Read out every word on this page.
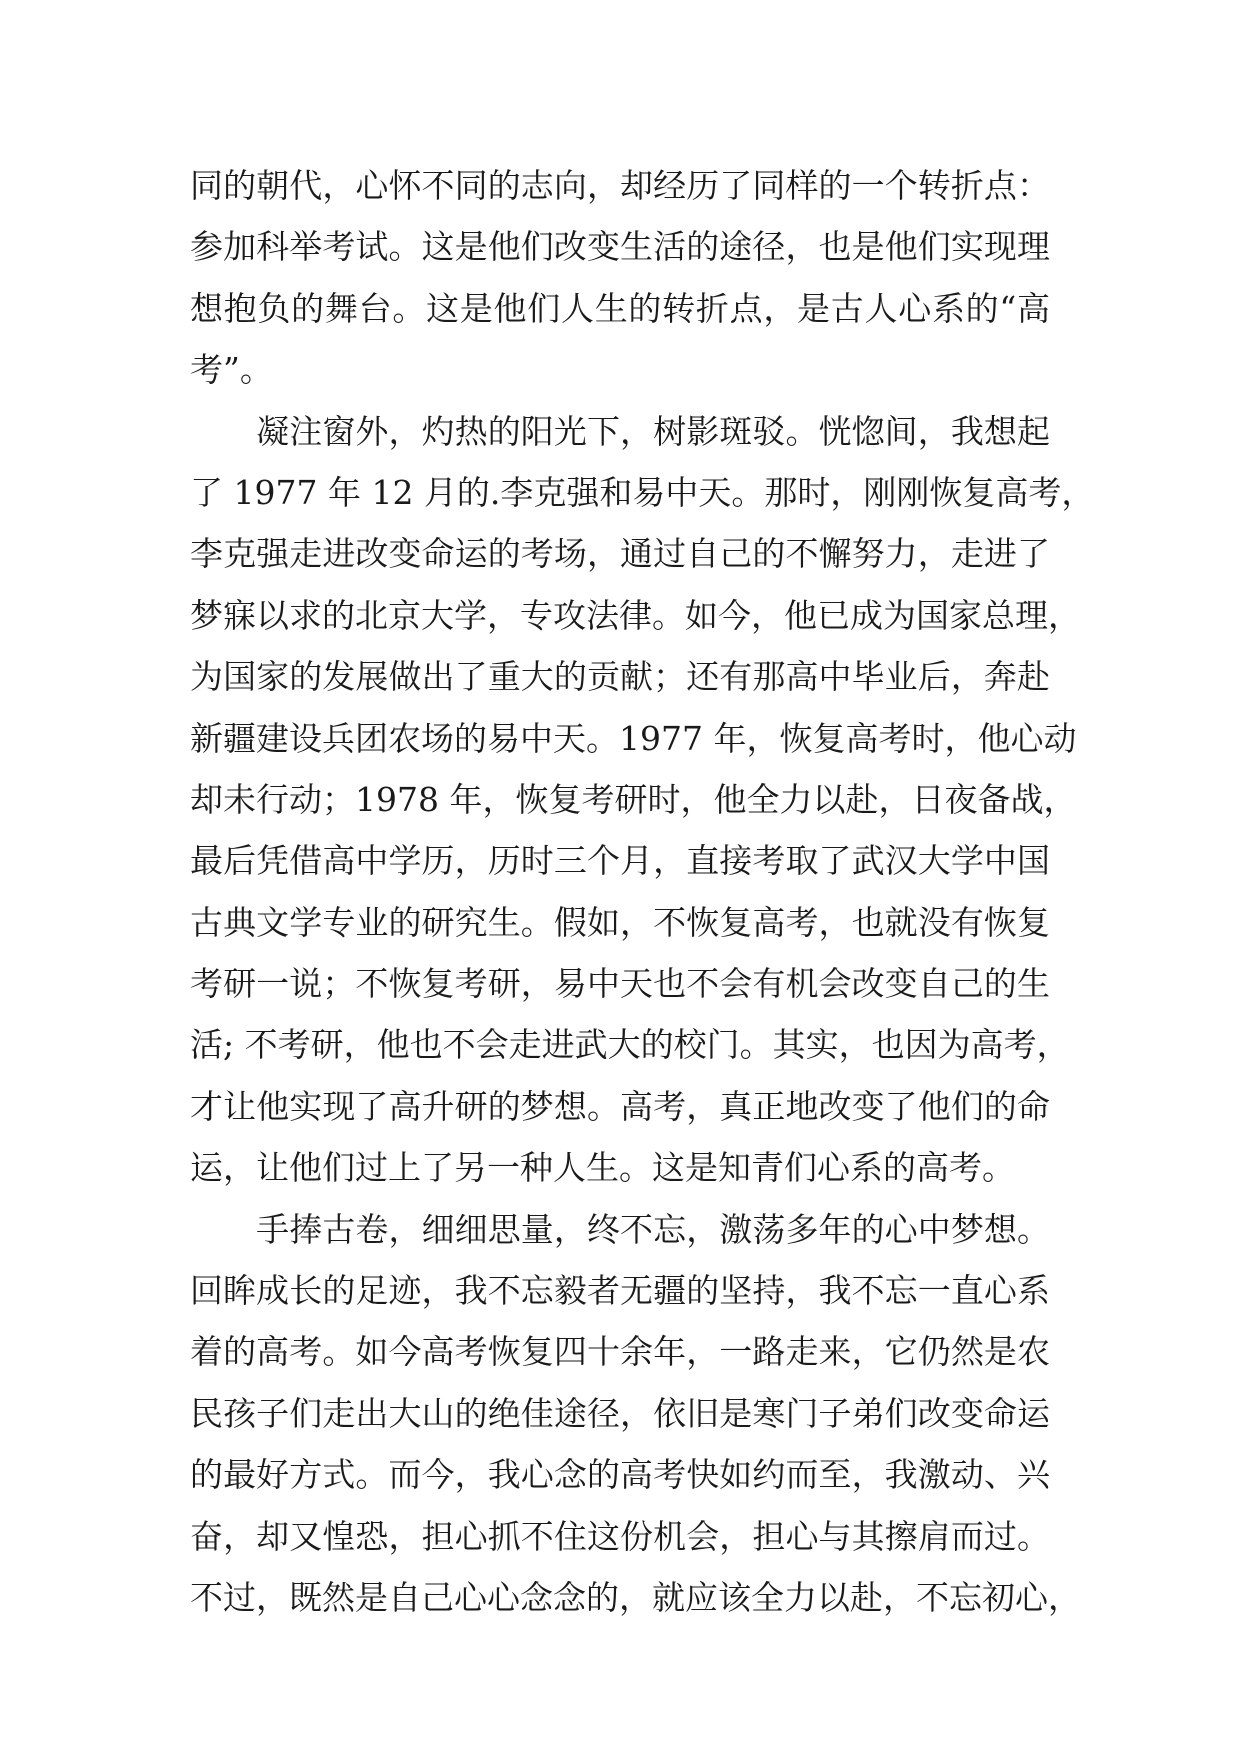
同的朝代，心怀不同的志向，却经历了同样的一个转折点：
参加科举考试。这是他们改变生活的途径，也是他们实现理
想抱负的舞台。这是他们人生的转折点，是古人心系的“高
考”。
　　凝注窗外，灼热的阳光下，树影斑驳。恍惚间，我想起
了 1977 年 12 月的.李克强和易中天。那时，刚刚恢复高考，
李克强走进改变命运的考场，通过自己的不懈努力，走进了
梦寐以求的北京大学，专攻法律。如今，他已成为国家总理，
为国家的发展做出了重大的贡献；还有那高中毕业后，奔赴
新疆建设兵团农场的易中天。1977 年，恢复高考时，他心动
却未行动；1978 年，恢复考研时，他全力以赴，日夜备战，
最后凭借高中学历，历时三个月，直接考取了武汉大学中国
古典文学专业的研究生。假如，不恢复高考，也就没有恢复
考研一说；不恢复考研，易中天也不会有机会改变自己的生
活; 不考研，他也不会走进武大的校门。其实，也因为高考，
才让他实现了高升研的梦想。高考，真正地改变了他们的命
运，让他们过上了另一种人生。这是知青们心系的高考。
　　手捧古卷，细细思量，终不忘，激荡多年的心中梦想。
回眸成长的足迹，我不忘毅者无疆的坚持，我不忘一直心系
着的高考。如今高考恢复四十余年，一路走来，它仍然是农
民孩子们走出大山的绝佳途径，依旧是寒门子弟们改变命运
的最好方式。而今，我心念的高考快如约而至，我激动、兴
奋，却又惶恐，担心抓不住这份机会，担心与其擦肩而过。
不过，既然是自己心心念念的，就应该全力以赴，不忘初心，
